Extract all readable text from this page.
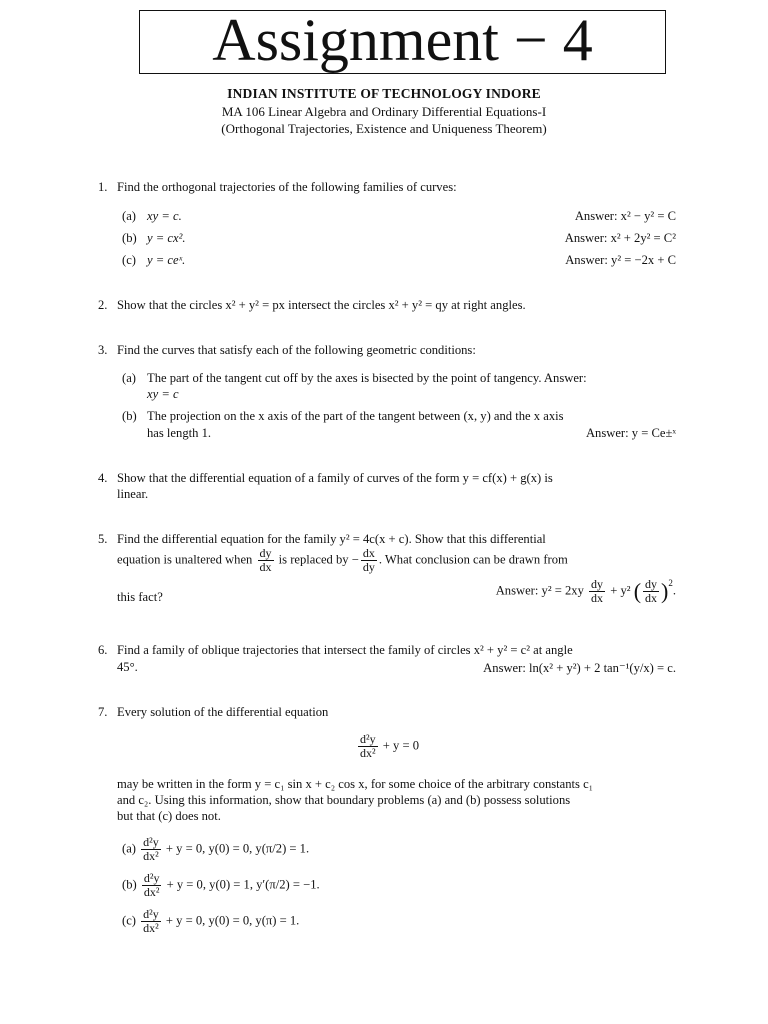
Assignment − 4
INDIAN INSTITUTE OF TECHNOLOGY INDORE
MA 106 Linear Algebra and Ordinary Differential Equations-I
(Orthogonal Trajectories, Existence and Uniqueness Theorem)
1. Find the orthogonal trajectories of the following families of curves:
(a) xy = c.	Answer: x² − y² = C
(b) y = cx².	Answer: x² + 2y² = C²
(c) y = ceˣ.	Answer: y² = −2x + C
2. Show that the circles x² + y² = px intersect the circles x² + y² = qy at right angles.
3. Find the curves that satisfy each of the following geometric conditions:
(a) The part of the tangent cut off by the axes is bisected by the point of tangency. Answer:
xy = c
(b) The projection on the x axis of the part of the tangent between (x, y) and the x axis
has length 1.	Answer: y = Ce±ˣ
4. Show that the differential equation of a family of curves of the form y = cf(x) + g(x) is
linear.
5. Find the differential equation for the family y² = 4c(x + c). Show that this differential
equation is unaltered when $\frac{dy}{dx}$ is replaced by − $\frac{dx}{dy}$ . What conclusion can be drawn from
this fact?	Answer: $y^2 = 2xy \frac{dy}{dx} + y^2$ ( $\frac{dy}{dx} )^2$.
6. Find a family of oblique trajectories that intersect the family of circles x² + y² = c² at angle
45°.	Answer: ln(x² + y²) + 2 tan⁻¹(y/x) = c.
7. Every solution of the differential equation
$\frac{\text{d²y}}{\text{dx²}} + y = 0$
may be written in the form y = c₁ sin x + c₂ cos x, for some choice of the arbitrary constants c₁
and c₂. Using this information, show that boundary problems (a) and (b) possess solutions
but that (c) does not.
$(a) \frac{\text{d²y}}{\text{dx²}} + y = 0$, y(0) = 0, y(π/2) = 1.
$(b) \frac{\text{d²y}}{\text{dx²}} + y = 0$, y(0) = 1, y′(π/2) = −1.
$(c) \frac{\text{d²y}}{\text{dx²}} + y = 0$, y(0) = 0, y(π) = 1.
